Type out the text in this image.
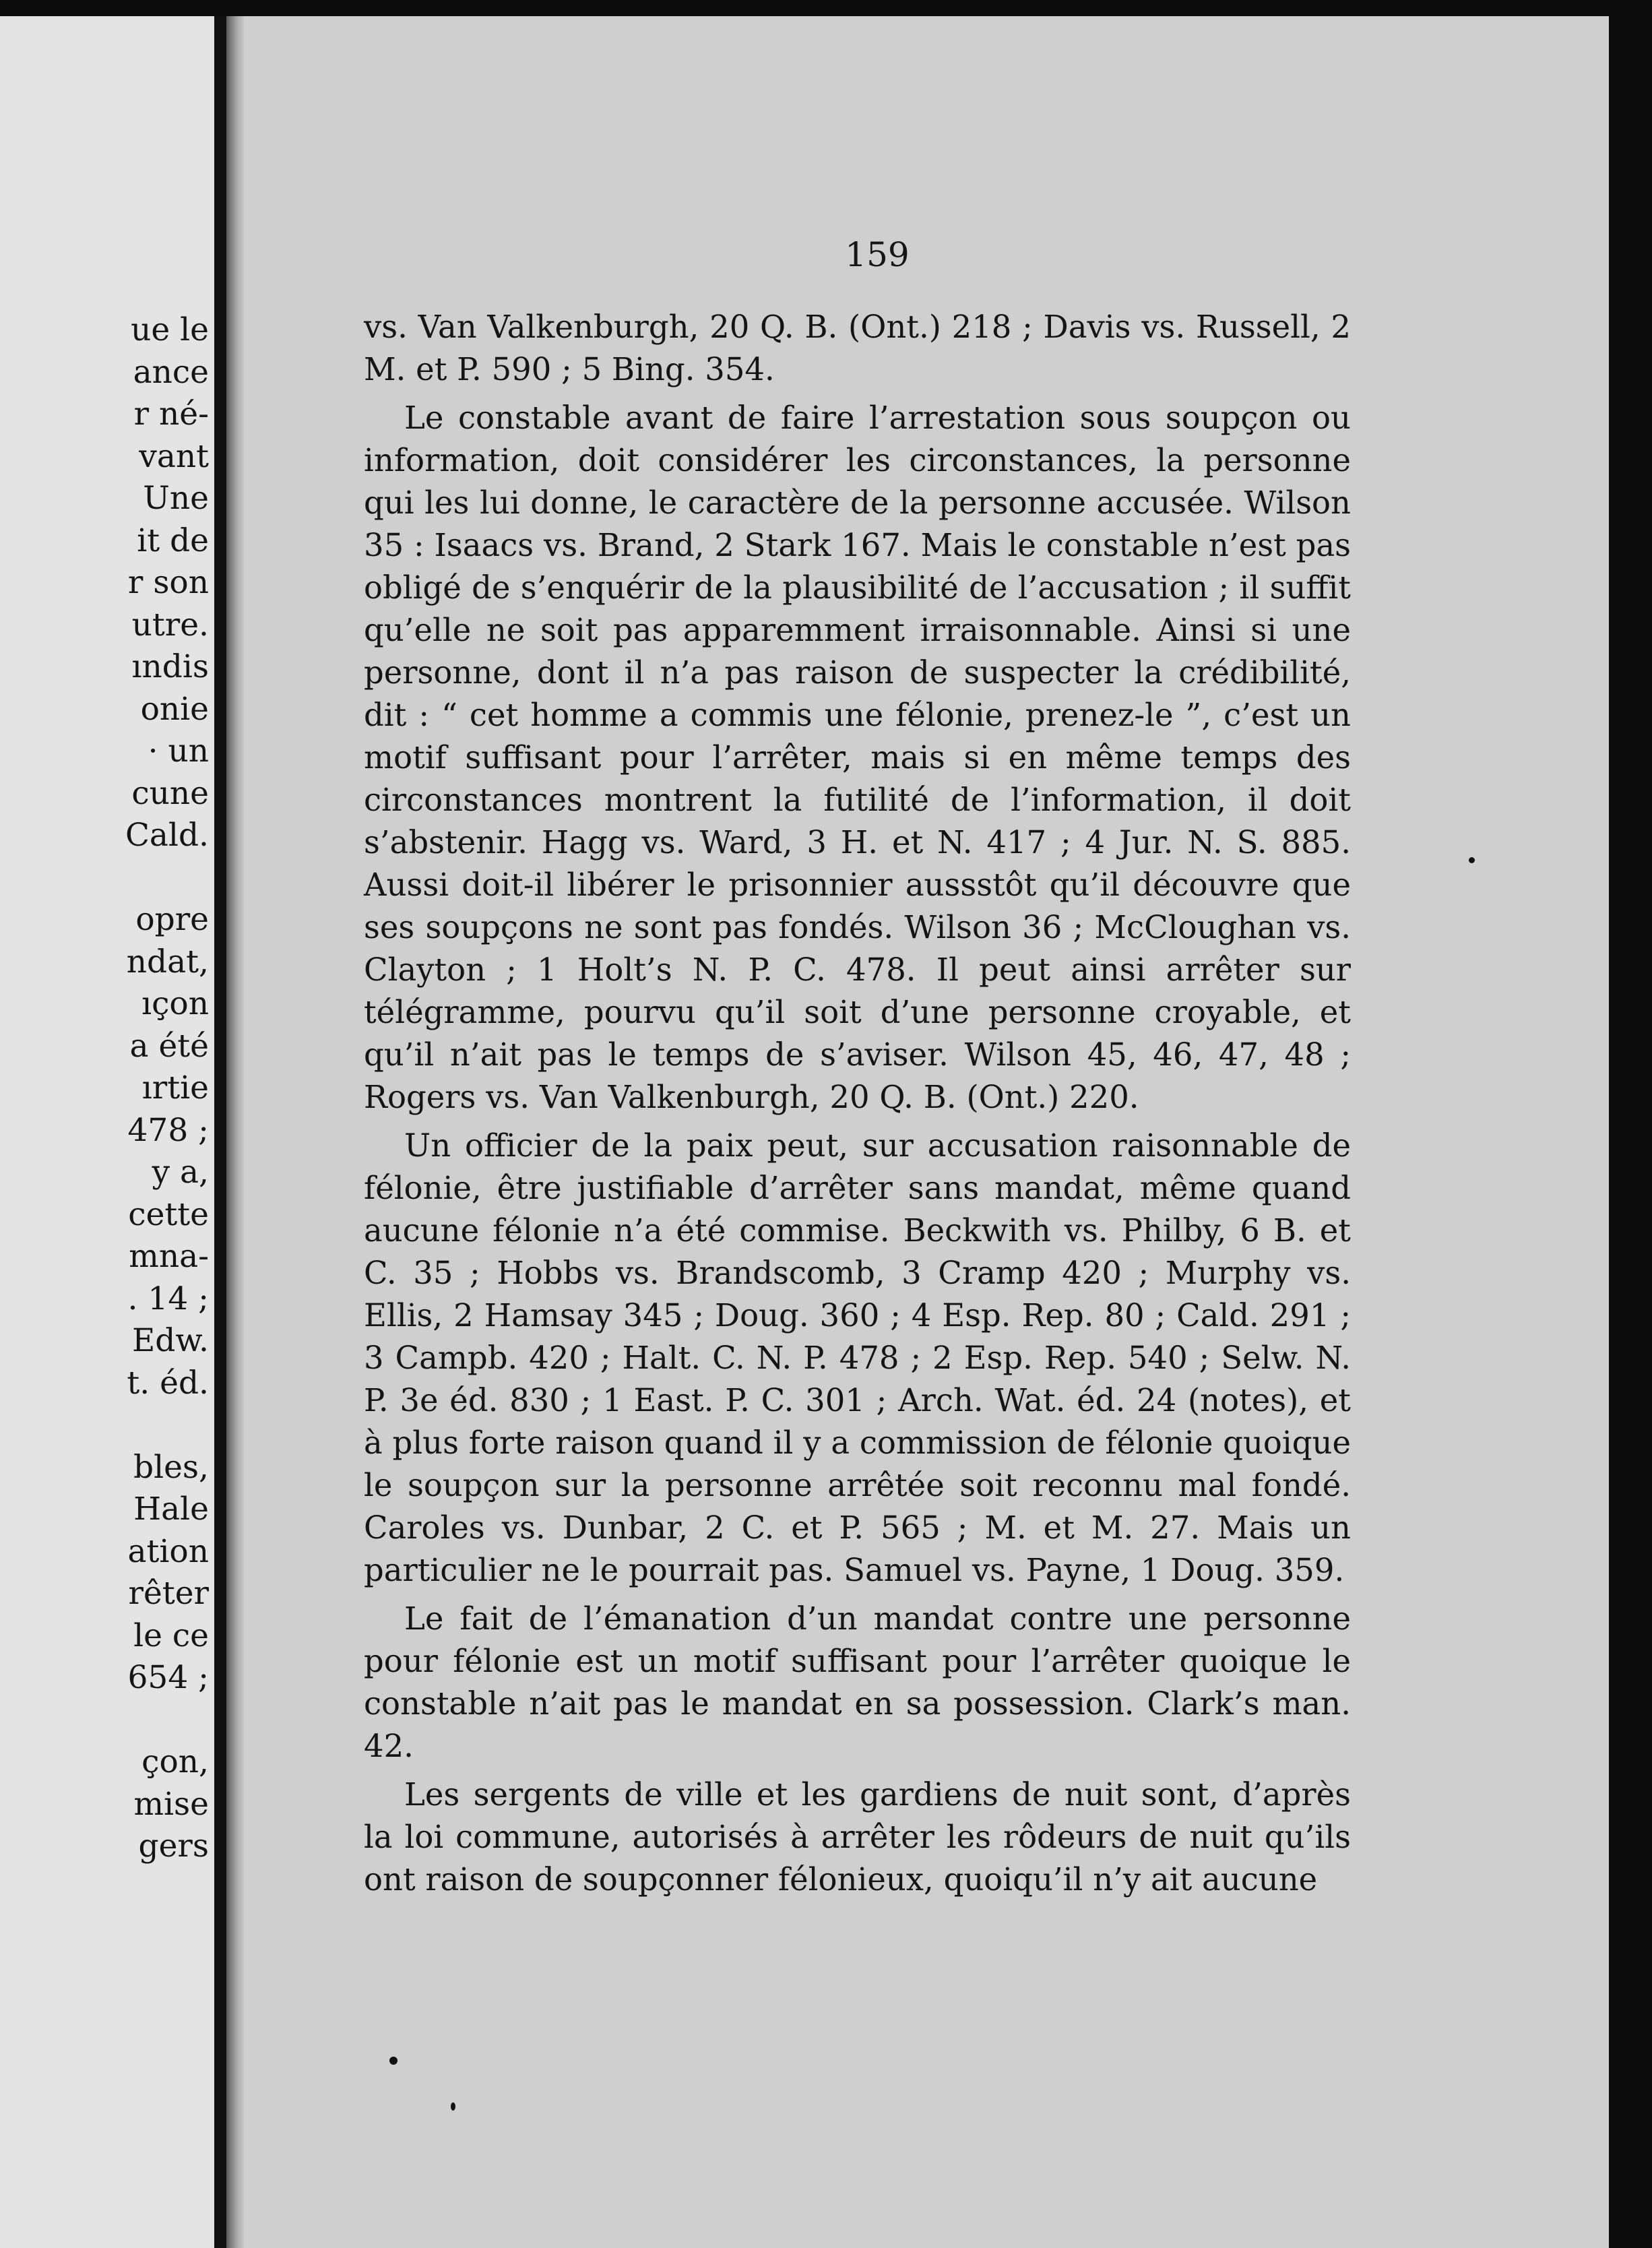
ue le
ance
r né-
vant
Une
it de
r son
utre.
ındis
onie
· un
cune
Cald.
opre
ndat,
ıçon
a été
ırtie
478 ;
y a,
cette
mna-
. 14 ;
Edw.
t. éd.
bles,
Hale
ation
rêter
le ce
654 ;
çon,
mise
gers
159

vs. Van Valkenburgh, 20 Q. B. (Ont.) 218 ; Davis vs. Russell, 2 M. et P. 590 ; 5 Bing. 354.

Le constable avant de faire l’arrestation sous soupçon ou information, doit considérer les circonstances, la personne qui les lui donne, le caractère de la personne accusée. Wilson 35 : Isaacs vs. Brand, 2 Stark 167. Mais le constable n’est pas obligé de s’enquérir de la plausibilité de l’accusation ; il suffit qu’elle ne soit pas apparemment irraisonnable. Ainsi si une personne, dont il n’a pas raison de suspecter la crédibilité, dit : “ cet homme a commis une félonie, prenez-le ”, c’est un motif suffisant pour l’arrêter, mais si en même temps des circonstances montrent la futilité de l’information, il doit s’abstenir. Hagg vs. Ward, 3 H. et N. 417 ; 4 Jur. N. S. 885. Aussi doit-il libérer le prisonnier aussstôt qu’il découvre que ses soupçons ne sont pas fondés. Wilson 36 ; McCloughan vs. Clayton ; 1 Holt’s N. P. C. 478. Il peut ainsi arrêter sur télégramme, pourvu qu’il soit d’une personne croyable, et qu’il n’ait pas le temps de s’aviser. Wilson 45, 46, 47, 48 ; Rogers vs. Van Valkenburgh, 20 Q. B. (Ont.) 220.

Un officier de la paix peut, sur accusation raisonnable de félonie, être justifiable d’arrêter sans mandat, même quand aucune félonie n’a été commise. Beckwith vs. Philby, 6 B. et C. 35 ; Hobbs vs. Brandscomb, 3 Cramp 420 ; Murphy vs. Ellis, 2 Hamsay 345 ; Doug. 360 ; 4 Esp. Rep. 80 ; Cald. 291 ; 3 Campb. 420 ; Halt. C. N. P. 478 ; 2 Esp. Rep. 540 ; Selw. N. P. 3e éd. 830 ; 1 East. P. C. 301 ; Arch. Wat. éd. 24 (notes), et à plus forte raison quand il y a commission de félonie quoique le soupçon sur la personne arrêtée soit reconnu mal fondé. Caroles vs. Dunbar, 2 C. et P. 565 ; M. et M. 27. Mais un particulier ne le pourrait pas. Samuel vs. Payne, 1 Doug. 359.

Le fait de l’émanation d’un mandat contre une personne pour félonie est un motif suffisant pour l’arrêter quoique le constable n’ait pas le mandat en sa possession. Clark’s man. 42.

Les sergents de ville et les gardiens de nuit sont, d’après la loi commune, autorisés à arrêter les rôdeurs de nuit qu’ils ont raison de soupçonner félonieux, quoiqu’il n’y ait aucune
